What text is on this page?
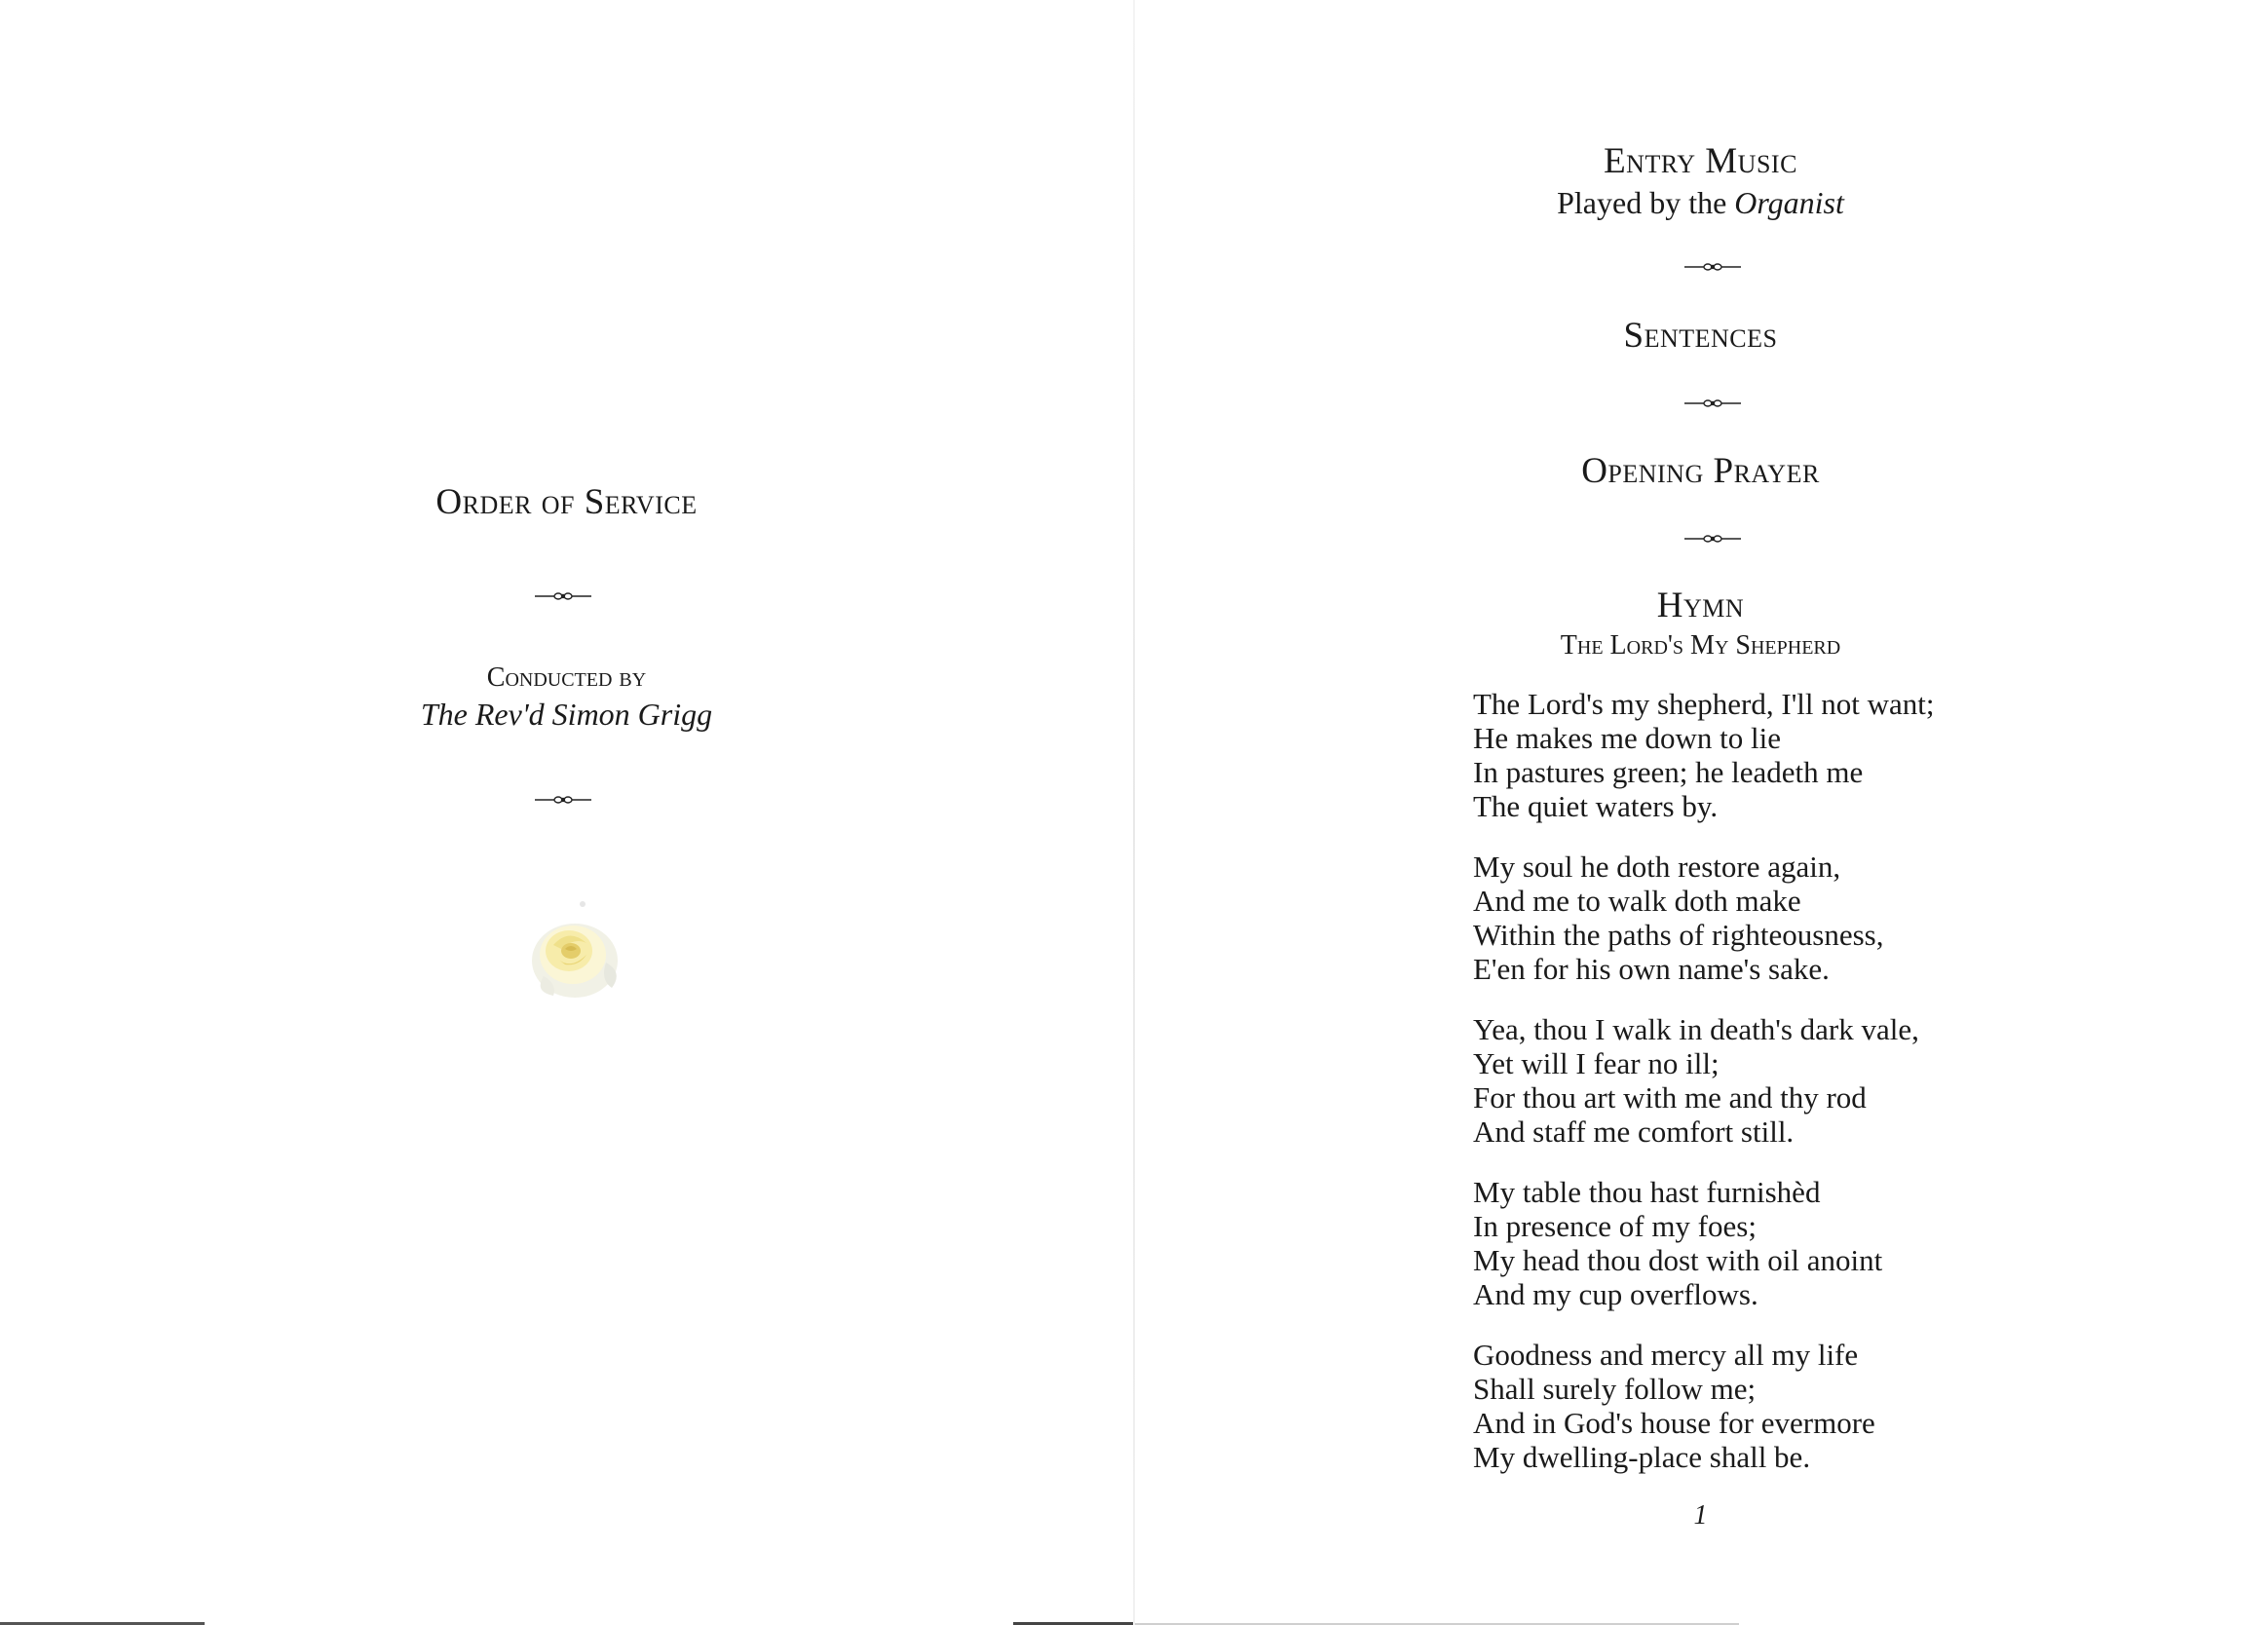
Order of Service
Conducted by
The Rev'd Simon Grigg
Entry Music
Played by the Organist
Sentences
Opening Prayer
Hymn
The Lord's My Shepherd
The Lord's my shepherd, I'll not want;
He makes me down to lie
In pastures green; he leadeth me
The quiet waters by.
My soul he doth restore again,
And me to walk doth make
Within the paths of righteousness,
E'en for his own name's sake.
Yea, thou I walk in death's dark vale,
Yet will I fear no ill;
For thou art with me and thy rod
And staff me comfort still.
My table thou hast furnishèd
In presence of my foes;
My head thou dost with oil anoint
And my cup overflows.
Goodness and mercy all my life
Shall surely follow me;
And in God's house for evermore
My dwelling-place shall be.
1
